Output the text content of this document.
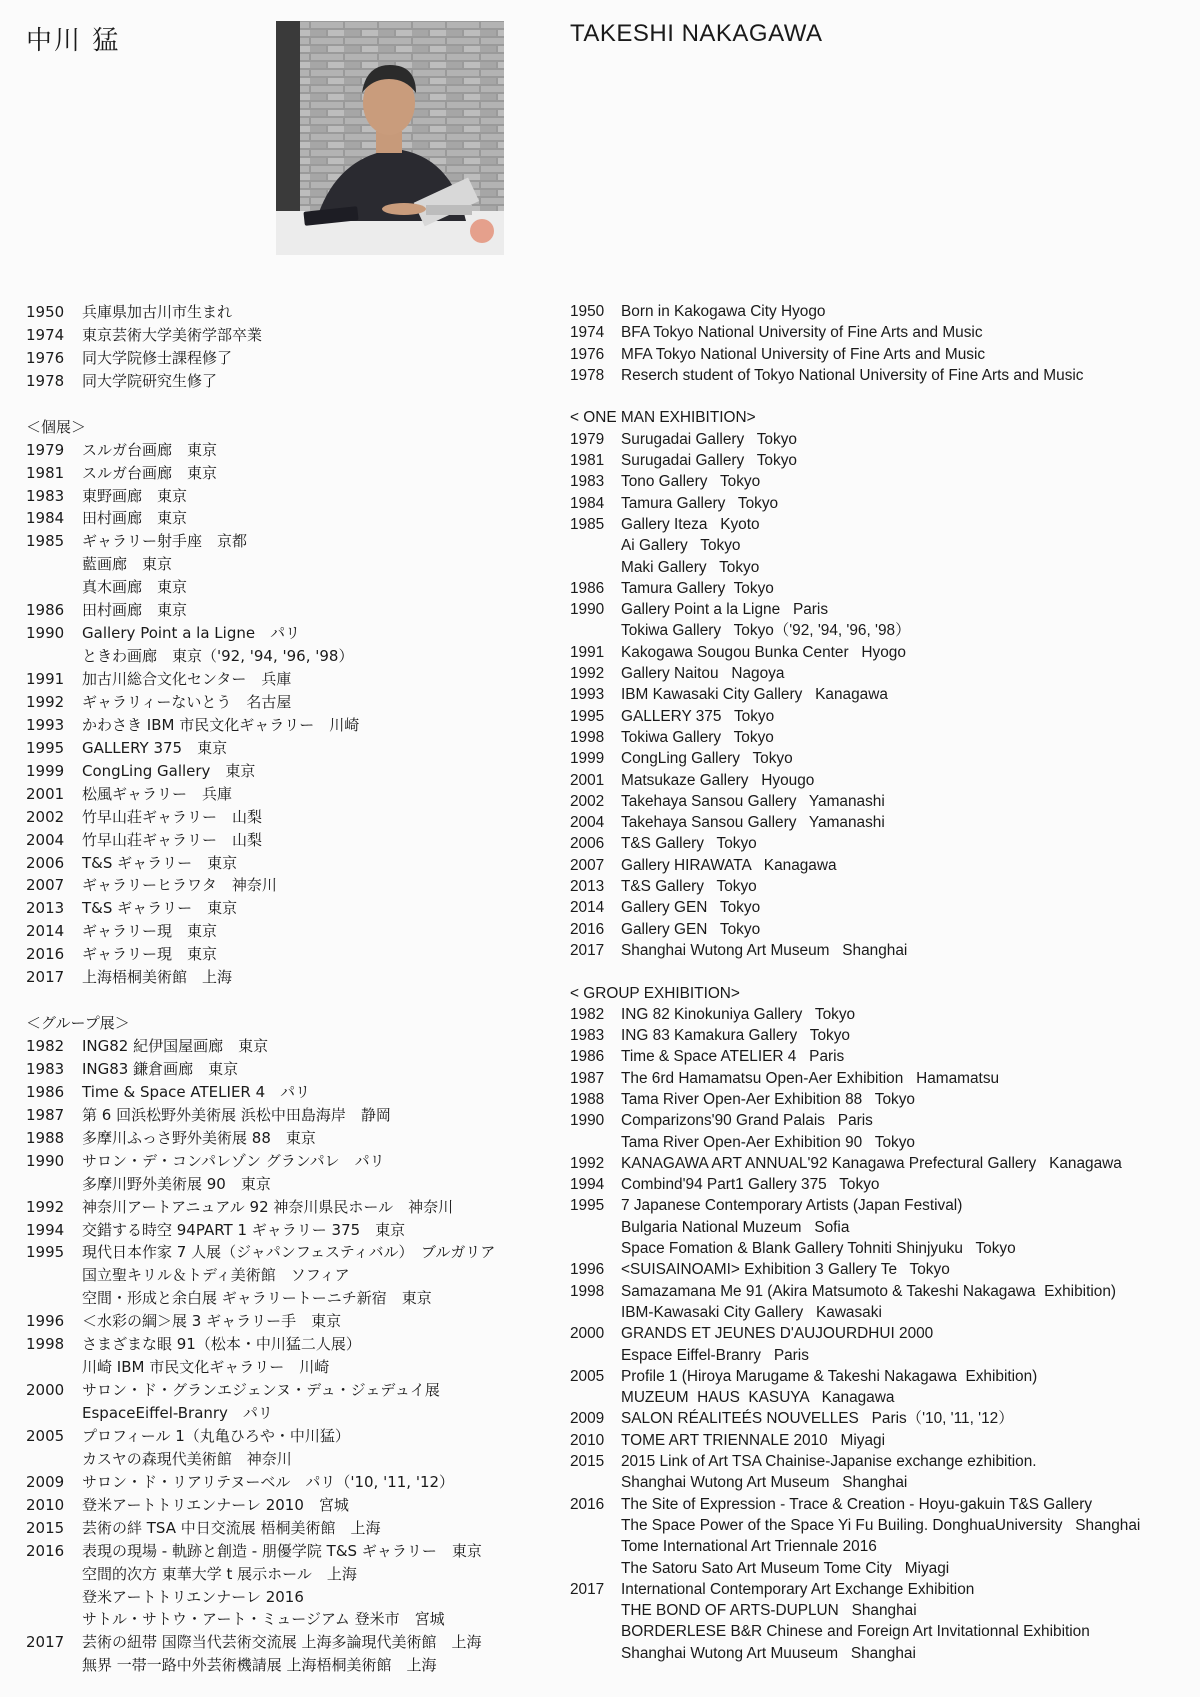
中川 猛	TAKESHI NAKAGAWA
1950	兵庫県加古川市生まれ
1974	東京芸術大学美術学部卒業
1976	同大学院修士課程修了
1978	同大学院研究生修了
＜個展＞
1979	スルガ台画廊　東京
1981	スルガ台画廊　東京
1983	東野画廊　東京
1984	田村画廊　東京
1985	ギャラリー射手座　京都
藍画廊　東京
真木画廊　東京
1986	田村画廊　東京
1990	Gallery Point a la Ligne　パリ
ときわ画廊　東京（'92, '94, '96, '98）
1991	加古川総合文化センター　兵庫
1992	ギャラリィーないとう　名古屋
1993	かわさき IBM 市民文化ギャラリー　川崎
1995	GALLERY 375　東京
1999	CongLing Gallery　東京
2001	松風ギャラリー　兵庫
2002	竹早山荘ギャラリー　山梨
2004	竹早山荘ギャラリー　山梨
2006	T&S ギャラリー　東京
2007	ギャラリーヒラワタ　神奈川
2013	T&S ギャラリー　東京
2014	ギャラリー現　東京
2016	ギャラリー現　東京
2017	上海梧桐美術館　上海
＜グループ展＞
1982	ING82 紀伊国屋画廊　東京
1983	ING83 鎌倉画廊　東京
1986	Time & Space ATELIER 4　パリ
1987	第 6 回浜松野外美術展 浜松中田島海岸　静岡
1988	多摩川ふっさ野外美術展 88　東京
1990	サロン・デ・コンパレゾン グランパレ　パリ
多摩川野外美術展 90　東京
1992	神奈川アートアニュアル 92 神奈川県民ホール　神奈川
1994	交錯する時空 94PART 1 ギャラリー 375　東京
1995	現代日本作家 7 人展（ジャパンフェスティバル）　ブルガリア
国立聖キリル＆トディ美術館　ソフィア
空間・形成と余白展 ギャラリートーニチ新宿　東京
1996	＜水彩の綱＞展 3 ギャラリー手　東京
1998	さまざまな眼 91（松本・中川猛二人展）
川崎 IBM 市民文化ギャラリー　川崎
2000	サロン・ド・グランエジェンヌ・デュ・ジェデュイ展
EspaceEiffel-Branry　パリ
2005	プロフィール 1（丸亀ひろや・中川猛）
カスヤの森現代美術館　神奈川
2009	サロン・ド・リアリテヌーベル　パリ（'10, '11, '12）
2010	登米アートトリエンナーレ 2010　宮城
2015	芸術の絆 TSA 中日交流展 梧桐美術館　上海
2016	表現の現場 - 軌跡と創造 - 朋優学院 T&S ギャラリー　東京
空間的次方 東華大学 t 展示ホール　上海
登米アートトリエンナーレ 2016
サトル・サトウ・アート・ミュージアム 登米市　宮城
2017	芸術の紐帯 国際当代芸術交流展 上海多論現代美術館　上海
無界 一帯一路中外芸術機請展 上海梧桐美術館　上海
1950	Born in Kakogawa City Hyogo
1974	BFA Tokyo National University of Fine Arts and Music
1976	MFA Tokyo National University of Fine Arts and Music
1978	Reserch student of Tokyo National University of Fine Arts and Music
< ONE MAN EXHIBITION>
1979	Surugadai Gallery   Tokyo
1981	Surugadai Gallery   Tokyo
1983	Tono Gallery   Tokyo
1984	Tamura Gallery   Tokyo
1985	Gallery Iteza   Kyoto
Ai Gallery   Tokyo
Maki Gallery   Tokyo
1986	Tamura Gallery  Tokyo
1990	Gallery Point a la Ligne   Paris
Tokiwa Gallery   Tokyo（'92, '94, '96, '98）
1991	Kakogawa Sougou Bunka Center   Hyogo
1992	Gallery Naitou   Nagoya
1993	IBM Kawasaki City Gallery   Kanagawa
1995	GALLERY 375   Tokyo
1998	Tokiwa Gallery   Tokyo
1999	CongLing Gallery   Tokyo
2001	Matsukaze Gallery   Hyougo
2002	Takehaya Sansou Gallery   Yamanashi
2004	Takehaya Sansou Gallery   Yamanashi
2006	T&S Gallery   Tokyo
2007	Gallery HIRAWATA   Kanagawa
2013	T&S Gallery   Tokyo
2014	Gallery GEN   Tokyo
2016	Gallery GEN   Tokyo
2017	Shanghai Wutong Art Museum   Shanghai
< GROUP EXHIBITION>
1982	ING 82 Kinokuniya Gallery   Tokyo
1983	ING 83 Kamakura Gallery   Tokyo
1986	Time & Space ATELIER 4   Paris
1987	The 6rd Hamamatsu Open-Aer Exhibition   Hamamatsu
1988	Tama River Open-Aer Exhibition 88   Tokyo
1990	Comparizons'90 Grand Palais   Paris
Tama River Open-Aer Exhibition 90   Tokyo
1992	KANAGAWA ART ANNUAL'92 Kanagawa Prefectural Gallery   Kanagawa
1994	Combind'94 Part1 Gallery 375   Tokyo
1995	7 Japanese Contemporary Artists (Japan Festival)
Bulgaria National Muzeum   Sofia
Space Fomation & Blank Gallery Tohniti Shinjyuku   Tokyo
1996	<SUISAINOAMI> Exhibition 3 Gallery Te   Tokyo
1998	Samazamana Me 91 (Akira Matsumoto & Takeshi Nakagawa  Exhibition)
IBM-Kawasaki City Gallery   Kawasaki
2000	GRANDS ET JEUNES D'AUJOURDHUI 2000
Espace Eiffel-Branry   Paris
2005	Profile 1 (Hiroya Marugame & Takeshi Nakagawa  Exhibition)
MUZEUM  HAUS  KASUYA   Kanagawa
2009	SALON RÉALITEÉS NOUVELLES   Paris（'10, '11, '12）
2010	TOME ART TRIENNALE 2010   Miyagi
2015	2015 Link of Art TSA Chainise-Japanise exchange ezhibition.
Shanghai Wutong Art Museum   Shanghai
2016	The Site of Expression - Trace & Creation - Hoyu-gakuin T&S Gallery
The Space Power of the Space Yi Fu Builing. DonghuaUniversity   Shanghai
Tome International Art Triennale 2016
The Satoru Sato Art Museum Tome City   Miyagi
2017	International Contemporary Art Exchange Exhibition
THE BOND OF ARTS-DUPLUN   Shanghai
BORDERLESE B&R Chinese and Foreign Art Invitationnal Exhibition
Shanghai Wutong Art Muuseum   Shanghai
